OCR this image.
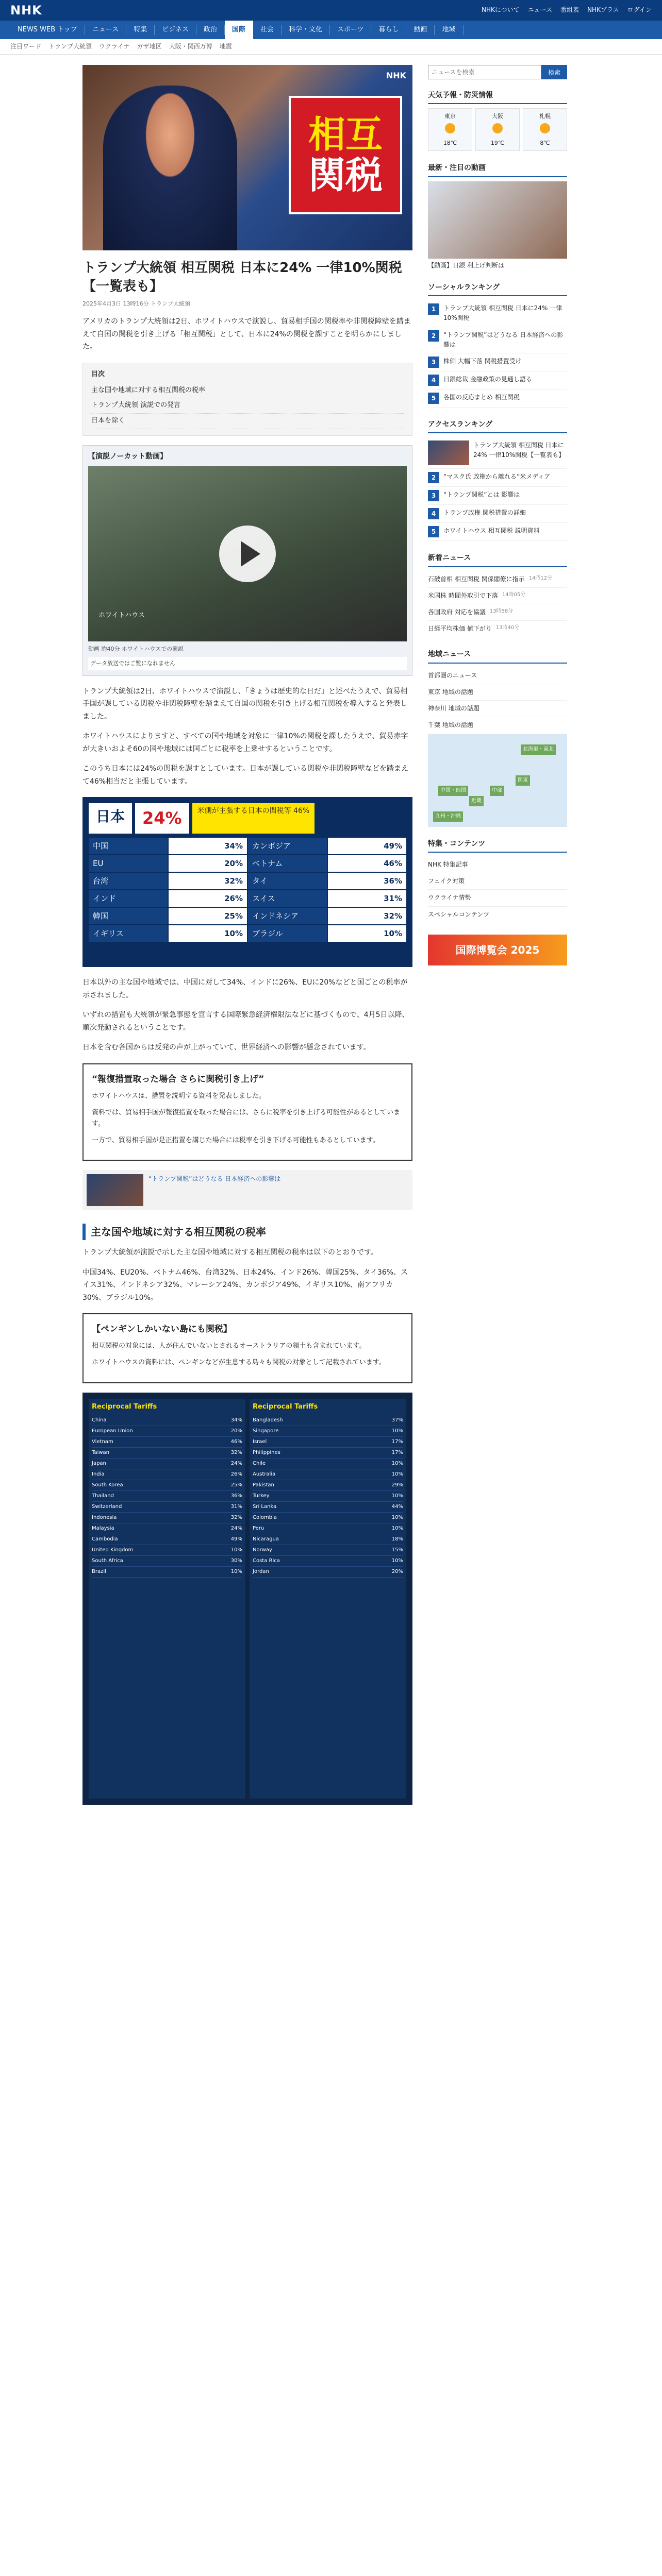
NHK	NHKについて ニュース 番組表 NHKプラス ログイン
NEWS WEB トップ	ニュース	特集	ビジネス	政治	国際	社会	科学・文化	スポーツ	暮らし	動画	地域
注目ワード トランプ大統領 ウクライナ ガザ地区 大阪・関西万博 地震
NHK
相互
関税
トランプ大統領 相互関税 日本に24% 一律10%関税【一覧表も】
2025年4月3日 13時16分 トランプ大統領

アメリカのトランプ大統領は2日、ホワイトハウスで演説し、貿易相手国の関税率や非関税障壁を踏まえて自国の関税を引き上げる「相互関税」として、日本に24%の関税を課すことを明らかにしました。

目次
主な国や地域に対する相互関税の税率
トランプ大統領 演説での発言
日本を除く
【演説ノーカット動画】
ホワイトハウス
動画 約40分 ホワイトハウスでの演説
データ放送ではご覧になれません

トランプ大統領は2日、ホワイトハウスで演説し、「きょうは歴史的な日だ」と述べたうえで、貿易相手国が課している関税や非関税障壁を踏まえて自国の関税を引き上げる相互関税を導入すると発表しました。

ホワイトハウスによりますと、すべての国や地域を対象に一律10%の関税を課したうえで、貿易赤字が大きいおよそ60の国や地域には国ごとに税率を上乗せするということです。

このうち日本には24%の関税を課すとしています。日本が課している関税や非関税障壁などを踏まえて46%相当だと主張しています。

日本	24%	米側が主張する日本の関税等 46%
中国	34%	カンボジア	49%
EU	20%	ベトナム	46%
台湾	32%	タイ	36%
インド	26%	スイス	31%
韓国	25%	インドネシア	32%
イギリス	10%	ブラジル	10%

日本以外の主な国や地域では、中国に対して34%、インドに26%、EUに20%などと国ごとの税率が示されました。

いずれの措置も大統領が緊急事態を宣言する国際緊急経済権限法などに基づくもので、4月5日以降、順次発動されるということです。

日本を含む各国からは反発の声が上がっていて、世界経済への影響が懸念されています。

“報復措置取った場合 さらに関税引き上げ”

ホワイトハウスは、措置を説明する資料を発表しました。

資料では、貿易相手国が報復措置を取った場合には、さらに税率を引き上げる可能性があるとしています。

一方で、貿易相手国が是正措置を講じた場合には税率を引き下げる可能性もあるとしています。

“トランプ関税”はどうなる 日本経済への影響は
主な国や地域に対する相互関税の税率

トランプ大統領が演説で示した主な国や地域に対する相互関税の税率は以下のとおりです。

中国34%、EU20%、ベトナム46%、台湾32%、日本24%、インド26%、韓国25%、タイ36%、スイス31%、インドネシア32%、マレーシア24%、カンボジア49%、イギリス10%、南アフリカ30%、ブラジル10%。

【ペンギンしかいない島にも関税】

相互関税の対象には、人が住んでいないとされるオーストラリアの領土も含まれています。

ホワイトハウスの資料には、ペンギンなどが生息する島々も関税の対象として記載されています。

Reciprocal Tariffs
China	34%
European Union	20%
Vietnam	46%
Taiwan	32%
Japan	24%
India	26%
South Korea	25%
Thailand	36%
Switzerland	31%
Indonesia	32%
Malaysia	24%
Cambodia	49%
United Kingdom	10%
South Africa	30%
Brazil	10%
Reciprocal Tariffs
Bangladesh	37%
Singapore	10%
Israel	17%
Philippines	17%
Chile	10%
Australia	10%
Pakistan	29%
Turkey	10%
Sri Lanka	44%
Colombia	10%
Peru	10%
Nicaragua	18%
Norway	15%
Costa Rica	10%
Jordan	20%
ニュースを検索
検索
天気予報・防災情報
東京
18℃
大阪
19℃
札幌
8℃
最新・注目の動画
【動画】日銀 利上げ判断は
ソーシャルランキング
1	トランプ大統領 相互関税 日本に24% 一律10%関税
2	“トランプ関税”はどうなる 日本経済への影響は
3	株価 大幅下落 関税措置受け
4	日銀総裁 金融政策の見通し語る
5	各国の反応まとめ 相互関税
アクセスランキング
トランプ大統領 相互関税 日本に24% 一律10%関税【一覧表も】
2	“マスク氏 政権から離れる”米メディア
3	“トランプ関税”とは 影響は
4	トランプ政権 関税措置の詳細
5	ホワイトハウス 相互関税 説明資料
新着ニュース
石破首相 相互関税 関係閣僚に指示 14時12分
米国株 時間外取引で下落 14時05分
各国政府 対応を協議 13時58分
日経平均株価 値下がり 13時40分
地域ニュース
首都圏のニュース
東京 地域の話題
神奈川 地域の話題
千葉 地域の話題
北海道・東北
関東
中部
近畿
中国・四国
九州・沖縄
特集・コンテンツ
NHK 特集記事
フェイク対策
ウクライナ情勢
スペシャルコンテンツ
国際博覧会 2025
